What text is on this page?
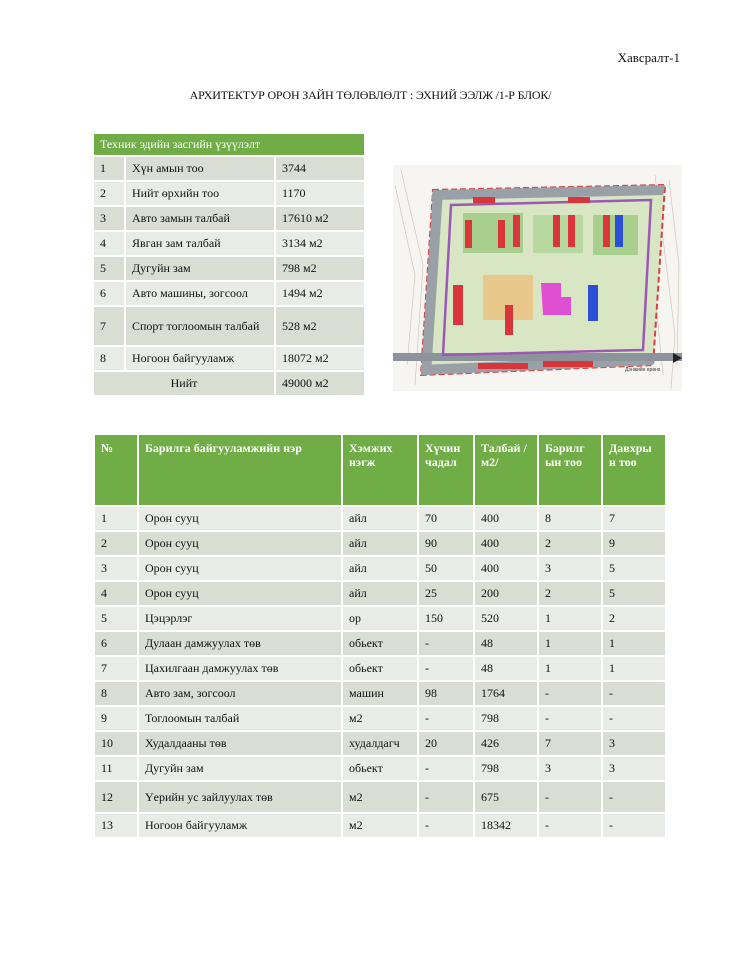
Хавсралт-1
АРХИТЕКТУР ОРОН ЗАЙН ТӨЛӨВЛӨЛТ : ЭХНИЙ ЭЭЛЖ /1-Р БЛОК/
Техник эдийн засгийн үзүүлэлт		
1	Хүн амын тоо	3744
2	Нийт өрхийн тоо	1170
3	Авто замын талбай	17610 м2
4	Явган зам талбай	3134 м2
5	Дугуйн зам	798 м2
6	Авто машины, зогсоол	1494 м2
7	Спорт тоглоомын талбай	528 м2
8	Ногоон байгууламж	18072 м2
Нийт		49000 м2
Дэнжийн ерөнх
№	Барилга байгууламжийн нэр	Хэмжих нэгж	Хүчин чадал	Талбай /м2/	Барилг ын тоо	Давхры н тоо
1	Орон сууц	айл	70	400	8	7
2	Орон сууц	айл	90	400	2	9
3	Орон сууц	айл	50	400	3	5
4	Орон сууц	айл	25	200	2	5
5	Цэцэрлэг	ор	150	520	1	2
6	Дулаан дамжуулах төв	обьект	-	48	1	1
7	Цахилгаан дамжуулах төв	обьект	-	48	1	1
8	Авто зам, зогсоол	машин	98	1764	-	-
9	Тоглоомын талбай	м2	-	798	-	-
10	Худалдааны төв	худалдагч	20	426	7	3
11	Дугуйн зам	обьект	-	798	3	3
12	Үерийн ус зайлуулах төв	м2	-	675	-	-
13	Ногоон байгууламж	м2	-	18342	-	-
